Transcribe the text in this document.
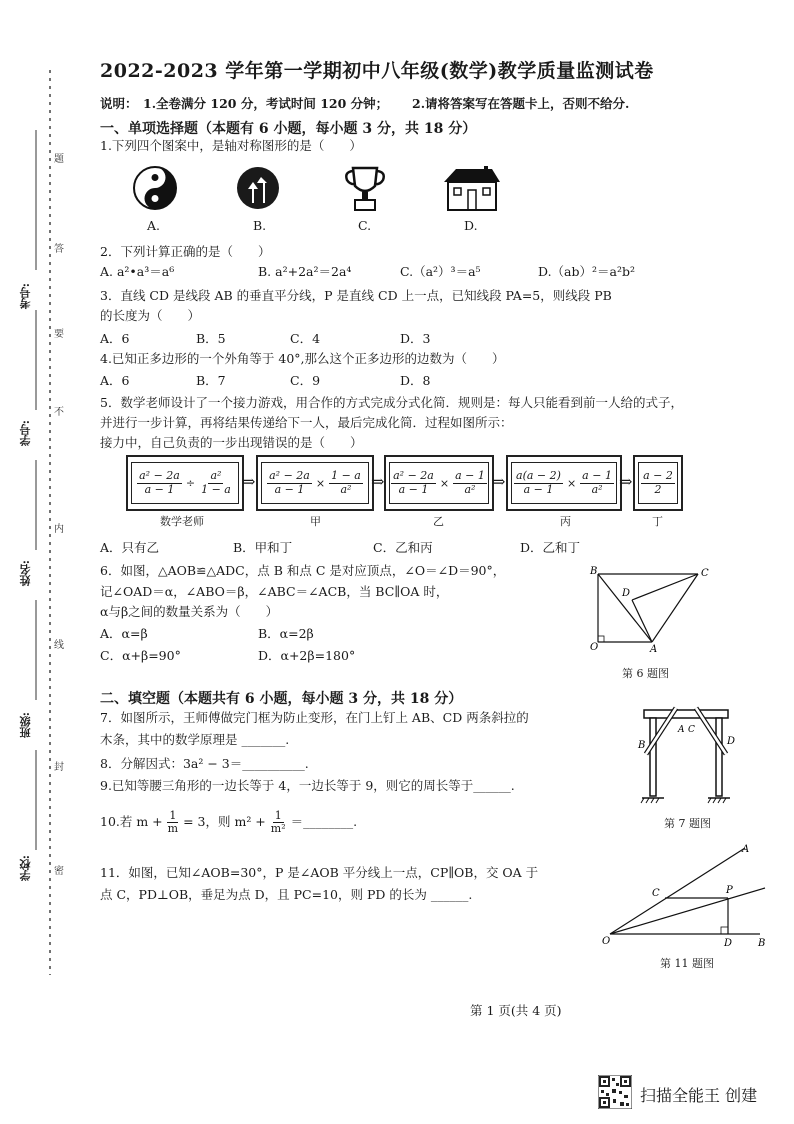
学校:
班级:
姓名:
学号:
考号:
题
答
要
不
内
线
封
密
2022-2023 学年第一学期初中八年级(数学)教学质量监测试卷
说明： 1.全卷满分 120 分，考试时间 120 分钟； 2.请将答案写在答题卡上，否则不给分.
一、单项选择题（本题有 6 小题，每小题 3 分，共 18 分）
1.下列四个图案中，是轴对称图形的是（　　）
A.	B.	C.	D.
2．下列计算正确的是（　　）
A. a²•a³＝a⁶	B. a²+2a²＝2a⁴	C.（a²）³＝a⁵	D.（ab）²＝a²b²
3．直线 CD 是线段 AB 的垂直平分线，P 是直线 CD 上一点，已知线段 PA=5，则线段 PB
的长度为（　　）
A．6	B．5	C．4	D．3
4.已知正多边形的一个外角等于 40°,那么这个正多边形的边数为（　　）
A．6	B．7	C．9	D．8
5．数学老师设计了一个接力游戏，用合作的方式完成分式化简．规则是：每人只能看到前一人给的式子，
并进行一步计算，再将结果传递给下一人，最后完成化简．过程如图所示：
接力中，自己负责的一步出现错误的是（　　）
$\frac{\text{a² − 2a}}{a - 1} \div \frac{\text{a²}}{1 - a}$ ⇒ $\frac{\text{a² − 2a}}{a - 1} \times \frac{1 - a}{\text{a²}}$ ⇒ $\frac{\text{a² − 2a}}{a - 1} \times \frac{a - 1}{\text{a²}}$ ⇒ $\frac{a(a - 2)}{a - 1} \times \frac{a - 1}{\text{a²}}$ ⇒ $\frac{a - 2}{2}$
数学老师	甲	乙	丙	丁
A．只有乙	B．甲和丁	C．乙和丙	D．乙和丁
6．如图，△AOB≌△ADC，点 B 和点 C 是对应顶点，∠O＝∠D＝90°，
记∠OAD＝α，∠ABO＝β，∠ABC＝∠ACB，当 BC∥OA 时，
α与β之间的数量关系为（　　）
A．α=β	B．α=2β
C．α+β=90°	D．α+2β=180°
B	C
D
O	A
第 6 题图
二、填空题（本题共有 6 小题，每小题 3 分，共 18 分）
7．如图所示，王师傅做完门框为防止变形，在门上钉上 AB、CD 两条斜拉的
木条，其中的数学原理是 _______.	B
A C
D
第 7 题图
8．分解因式：3a² − 3＝__________.
9.已知等腰三角形的一边长等于 4，一边长等于 9，则它的周长等于______.
10.若 $m + \frac{1}{m} = 3$，则 $m^2 + \frac{1}{\text{m²}}$ ＝________.
11．如图，已知∠AOB=30°，P 是∠AOB 平分线上一点，CP∥OB，交 OA 于
点 C，PD⊥OB，垂足为点 D，且 PC=10，则 PD 的长为 ______.
O
A
C	P
D	B
第 11 题图
第 1 页(共 4 页)
扫描全能王 创建
